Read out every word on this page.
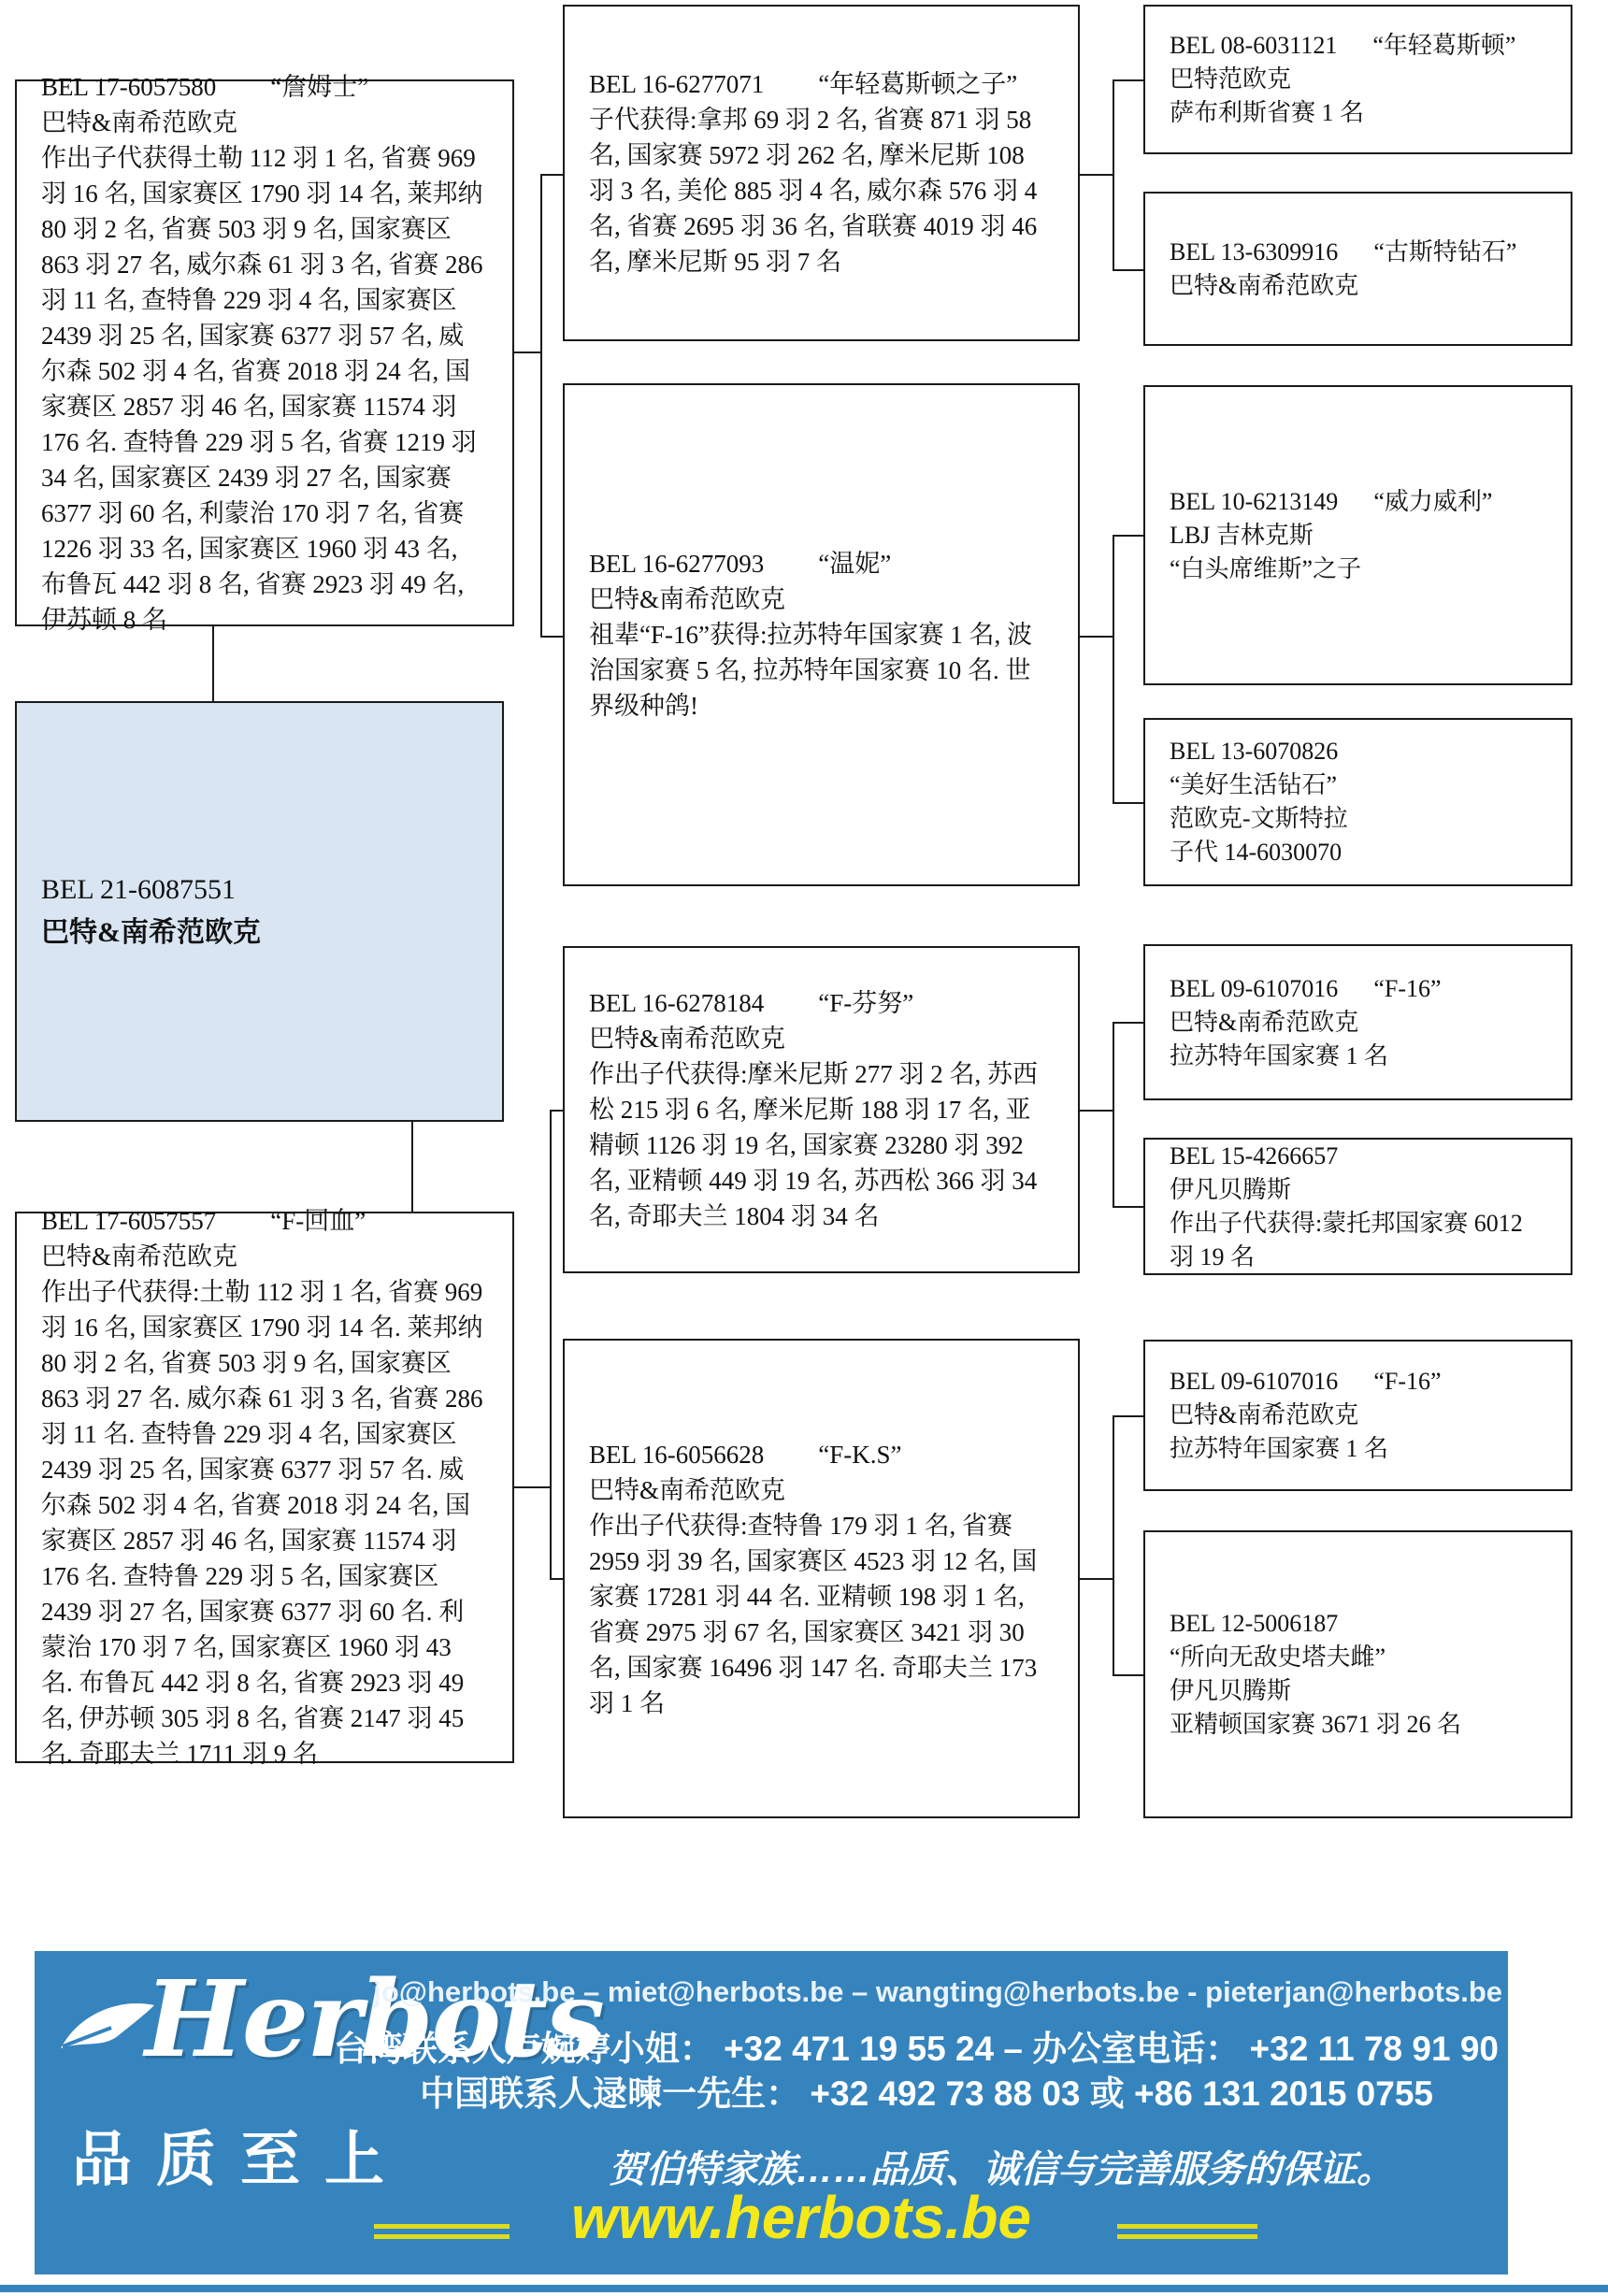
BEL 17-6057580 “詹姆士”
巴特&南希范欧克
作出子代获得土勒 112 羽 1 名, 省赛 969 羽 16 名, 国家赛区 1790 羽 14 名, 莱邦纳 80 羽 2 名, 省赛 503 羽 9 名, 国家赛区 863 羽 27 名, 威尔森 61 羽 3 名, 省赛 286 羽 11 名, 查特鲁 229 羽 4 名, 国家赛区 2439 羽 25 名, 国家赛 6377 羽 57 名, 威尔森 502 羽 4 名, 省赛 2018 羽 24 名, 国家赛区 2857 羽 46 名, 国家赛 11574 羽 176 名. 查特鲁 229 羽 5 名, 省赛 1219 羽 34 名, 国家赛区 2439 羽 27 名, 国家赛 6377 羽 60 名, 利蒙治 170 羽 7 名, 省赛 1226 羽 33 名, 国家赛区 1960 羽 43 名, 布鲁瓦 442 羽 8 名, 省赛 2923 羽 49 名, 伊苏顿 8 名
BEL 21-6087551
巴特&南希范欧克
BEL 17-6057557 “F-回血”
巴特&南希范欧克
作出子代获得:土勒 112 羽 1 名, 省赛 969 羽 16 名, 国家赛区 1790 羽 14 名. 莱邦纳 80 羽 2 名, 省赛 503 羽 9 名, 国家赛区 863 羽 27 名. 威尔森 61 羽 3 名, 省赛 286 羽 11 名. 查特鲁 229 羽 4 名, 国家赛区 2439 羽 25 名, 国家赛 6377 羽 57 名. 威尔森 502 羽 4 名, 省赛 2018 羽 24 名, 国家赛区 2857 羽 46 名, 国家赛 11574 羽 176 名. 查特鲁 229 羽 5 名, 国家赛区 2439 羽 27 名, 国家赛 6377 羽 60 名. 利蒙治 170 羽 7 名, 国家赛区 1960 羽 43 名. 布鲁瓦 442 羽 8 名, 省赛 2923 羽 49 名, 伊苏顿 305 羽 8 名, 省赛 2147 羽 45 名. 奇耶夫兰 1711 羽 9 名
BEL 16-6277071 “年轻葛斯顿之子”
子代获得:拿邦 69 羽 2 名, 省赛 871 羽 58 名, 国家赛 5972 羽 262 名, 摩米尼斯 108 羽 3 名, 美伦 885 羽 4 名, 威尔森 576 羽 4 名, 省赛 2695 羽 36 名, 省联赛 4019 羽 46 名, 摩米尼斯 95 羽 7 名
BEL 16-6277093 “温妮”
巴特&南希范欧克
祖辈“F-16”获得:拉苏特年国家赛 1 名, 波治国家赛 5 名, 拉苏特年国家赛 10 名. 世界级种鸽!
BEL 16-6278184 “F-芬努”
巴特&南希范欧克
作出子代获得:摩米尼斯 277 羽 2 名, 苏西松 215 羽 6 名, 摩米尼斯 188 羽 17 名, 亚精顿 1126 羽 19 名, 国家赛 23280 羽 392 名, 亚精顿 449 羽 19 名, 苏西松 366 羽 34 名, 奇耶夫兰 1804 羽 34 名
BEL 16-6056628 “F-K.S”
巴特&南希范欧克
作出子代获得:查特鲁 179 羽 1 名, 省赛 2959 羽 39 名, 国家赛区 4523 羽 12 名, 国家赛 17281 羽 44 名. 亚精顿 198 羽 1 名, 省赛 2975 羽 67 名, 国家赛区 3421 羽 30 名, 国家赛 16496 羽 147 名. 奇耶夫兰 173 羽 1 名
BEL 08-6031121 “年轻葛斯顿”
巴特范欧克
萨布利斯省赛 1 名
BEL 13-6309916 “古斯特钻石”
巴特&南希范欧克
BEL 10-6213149 “威力威利”
LBJ 吉林克斯
“白头席维斯”之子
BEL 13-6070826
“美好生活钻石”
范欧克-文斯特拉
子代 14-6030070
BEL 09-6107016 “F-16”
巴特&南希范欧克
拉苏特年国家赛 1 名
BEL 15-4266657
伊凡贝腾斯
作出子代获得:蒙托邦国家赛 6012 羽 19 名
BEL 09-6107016 “F-16”
巴特&南希范欧克
拉苏特年国家赛 1 名
BEL 12-5006187
“所向无敌史塔夫雌”
伊凡贝腾斯
亚精顿国家赛 3671 羽 26 名
Herbots
品质至上
jo@herbots.be – miet@herbots.be – wangting@herbots.be - pieterjan@herbots.be
台湾联系人卢婉婷小姐： +32 471 19 55 24 – 办公室电话： +32 11 78 91 90
中国联系人逯暕一先生： +32 492 73 88 03 或 +86 131 2015 0755
贺伯特家族……品质、诚信与完善服务的保证。
www.herbots.be
